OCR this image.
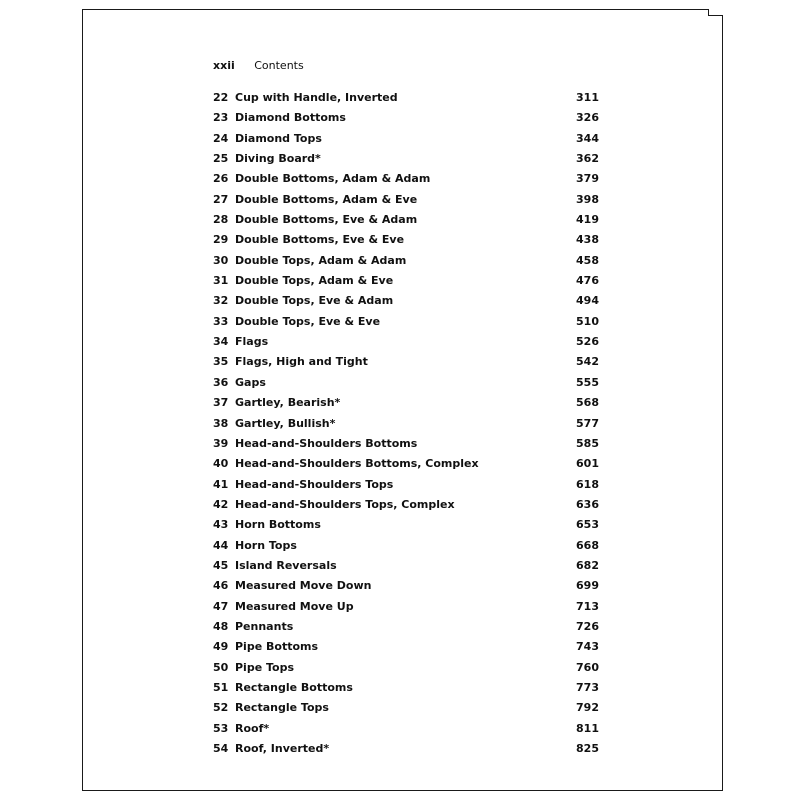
xxii Contents
22 Cup with Handle, Inverted	311
23 Diamond Bottoms	326
24 Diamond Tops	344
25 Diving Board*	362
26 Double Bottoms, Adam & Adam	379
27 Double Bottoms, Adam & Eve	398
28 Double Bottoms, Eve & Adam	419
29 Double Bottoms, Eve & Eve	438
30 Double Tops, Adam & Adam	458
31 Double Tops, Adam & Eve	476
32 Double Tops, Eve & Adam	494
33 Double Tops, Eve & Eve	510
34 Flags	526
35 Flags, High and Tight	542
36 Gaps	555
37 Gartley, Bearish*	568
38 Gartley, Bullish*	577
39 Head-and-Shoulders Bottoms	585
40 Head-and-Shoulders Bottoms, Complex	601
41 Head-and-Shoulders Tops	618
42 Head-and-Shoulders Tops, Complex	636
43 Horn Bottoms	653
44 Horn Tops	668
45 Island Reversals	682
46 Measured Move Down	699
47 Measured Move Up	713
48 Pennants	726
49 Pipe Bottoms	743
50 Pipe Tops	760
51 Rectangle Bottoms	773
52 Rectangle Tops	792
53 Roof*	811
54 Roof, Inverted*	825
